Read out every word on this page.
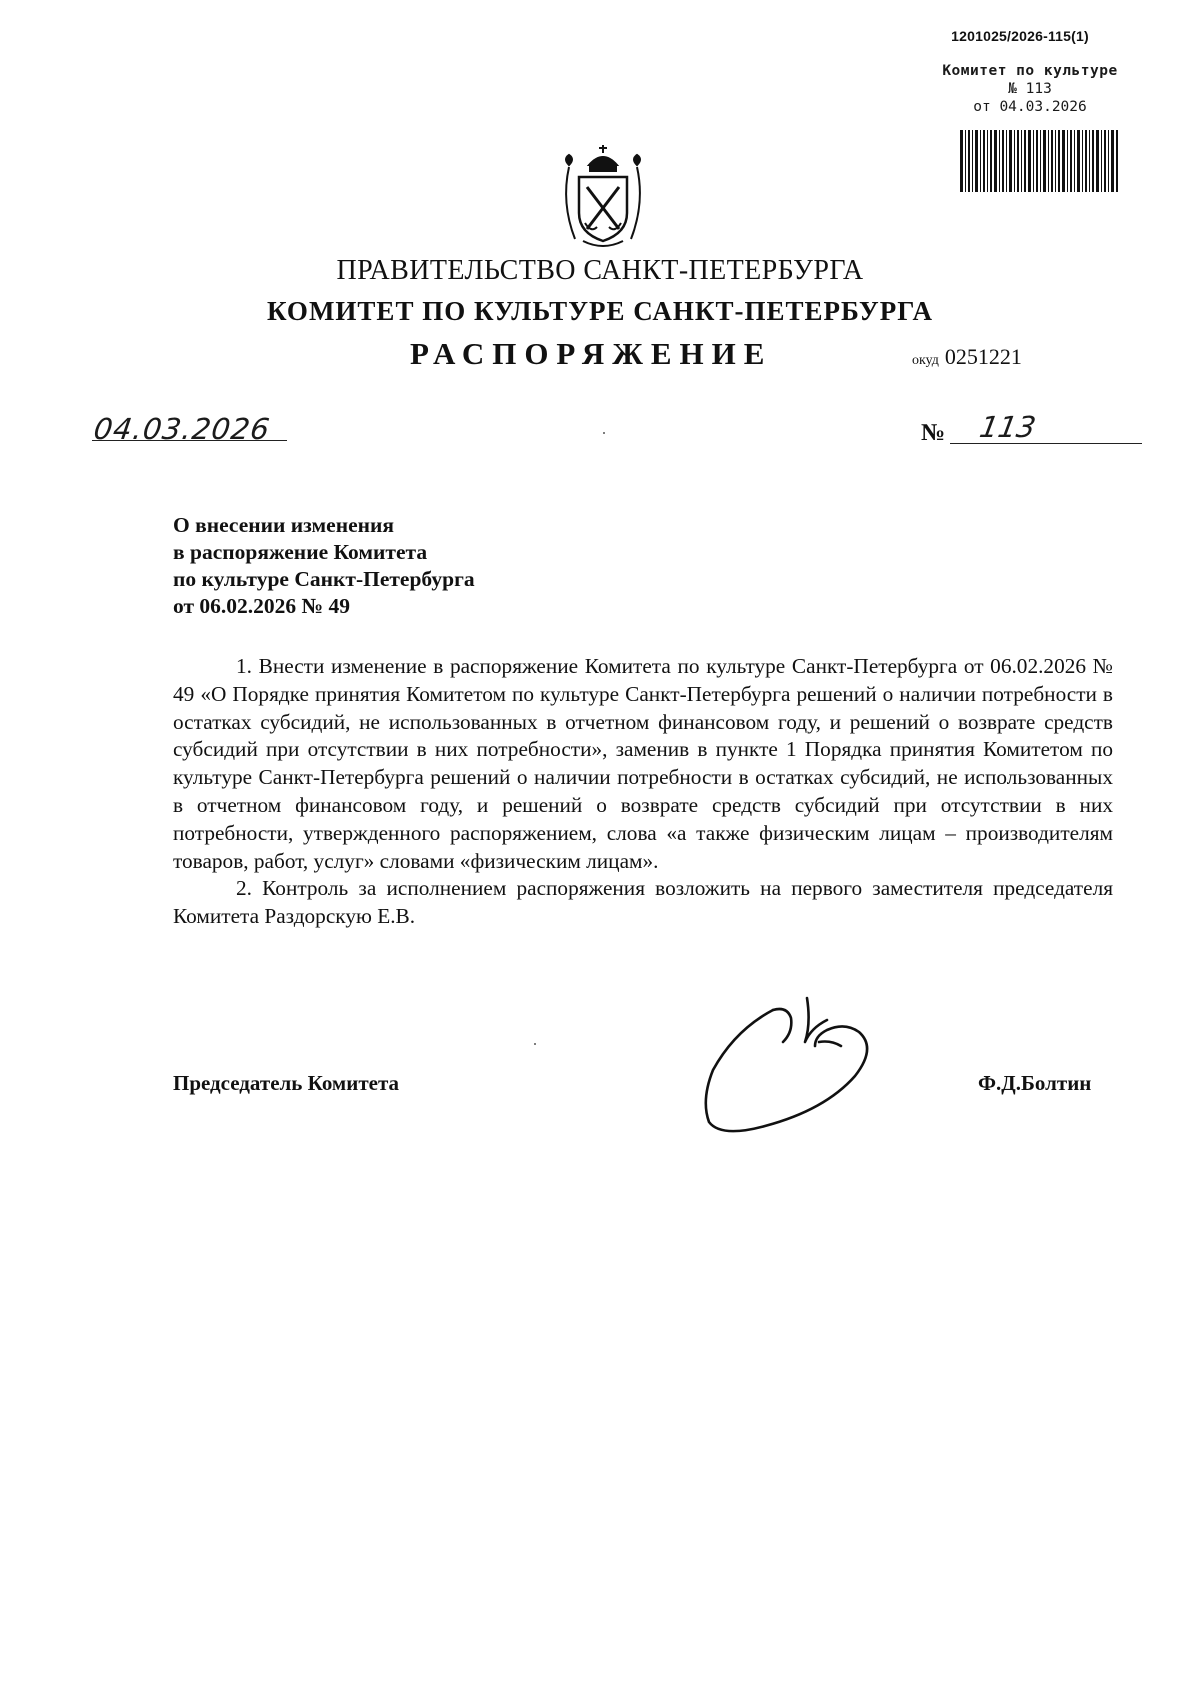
1201025/2026-115(1)
Комитет по культуре
№ 113
от 04.03.2026
ПРАВИТЕЛЬСТВО САНКТ-ПЕТЕРБУРГА
КОМИТЕТ ПО КУЛЬТУРЕ САНКТ-ПЕТЕРБУРГА
РАСПОРЯЖЕНИЕ	окуд 0251221
04.03.2026	№ 113
О внесении изменения
в распоряжение Комитета
по культуре Санкт-Петербурга
от 06.02.2026 № 49

1. Внести изменение в распоряжение Комитета по культуре Санкт-Петербурга от 06.02.2026 № 49 «О Порядке принятия Комитетом по культуре Санкт-Петербурга решений о наличии потребности в остатках субсидий, не использованных в отчетном финансовом году, и решений о возврате средств субсидий при отсутствии в них потребности», заменив в пункте 1 Порядка принятия Комитетом по культуре Санкт-Петербурга решений о наличии потребности в остатках субсидий, не использованных в отчетном финансовом году, и решений о возврате средств субсидий при отсутствии в них потребности, утвержденного распоряжением, слова «а также физическим лицам – производителям товаров, работ, услуг» словами «физическим лицам».

2. Контроль за исполнением распоряжения возложить на первого заместителя председателя Комитета Раздорскую Е.В.

Председатель Комитета	Ф.Д.Болтин
